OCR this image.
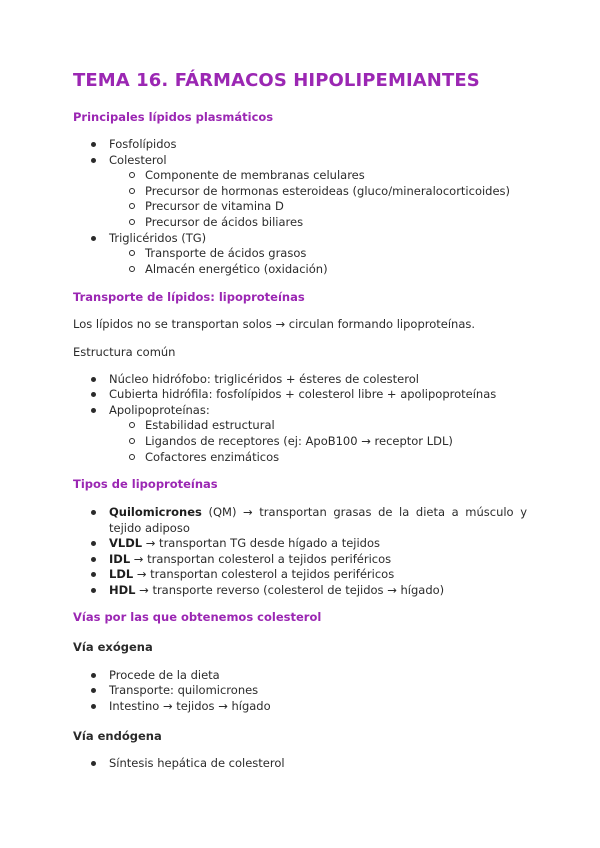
TEMA 16. FÁRMACOS HIPOLIPEMIANTES
Principales lípidos plasmáticos
Fosfolípidos
Colesterol
Componente de membranas celulares
Precursor de hormonas esteroideas (gluco/mineralocorticoides)
Precursor de vitamina D
Precursor de ácidos biliares
Triglicéridos (TG)
Transporte de ácidos grasos
Almacén energético (oxidación)
Transporte de lípidos: lipoproteínas

Los lípidos no se transportan solos → circulan formando lipoproteínas.

Estructura común

Núcleo hidrófobo: triglicéridos + ésteres de colesterol
Cubierta hidrófila: fosfolípidos + colesterol libre + apolipoproteínas
Apolipoproteínas:
Estabilidad estructural
Ligandos de receptores (ej: ApoB100 → receptor LDL)
Cofactores enzimáticos
Tipos de lipoproteínas
Quilomicrones (QM) → transportan grasas de la dieta a músculo y tejido adiposo
VLDL → transportan TG desde hígado a tejidos
IDL → transportan colesterol a tejidos periféricos
LDL → transportan colesterol a tejidos periféricos
HDL → transporte reverso (colesterol de tejidos → hígado)
Vías por las que obtenemos colesterol
Vía exógena
Procede de la dieta
Transporte: quilomicrones
Intestino → tejidos → hígado
Vía endógena
Síntesis hepática de colesterol
